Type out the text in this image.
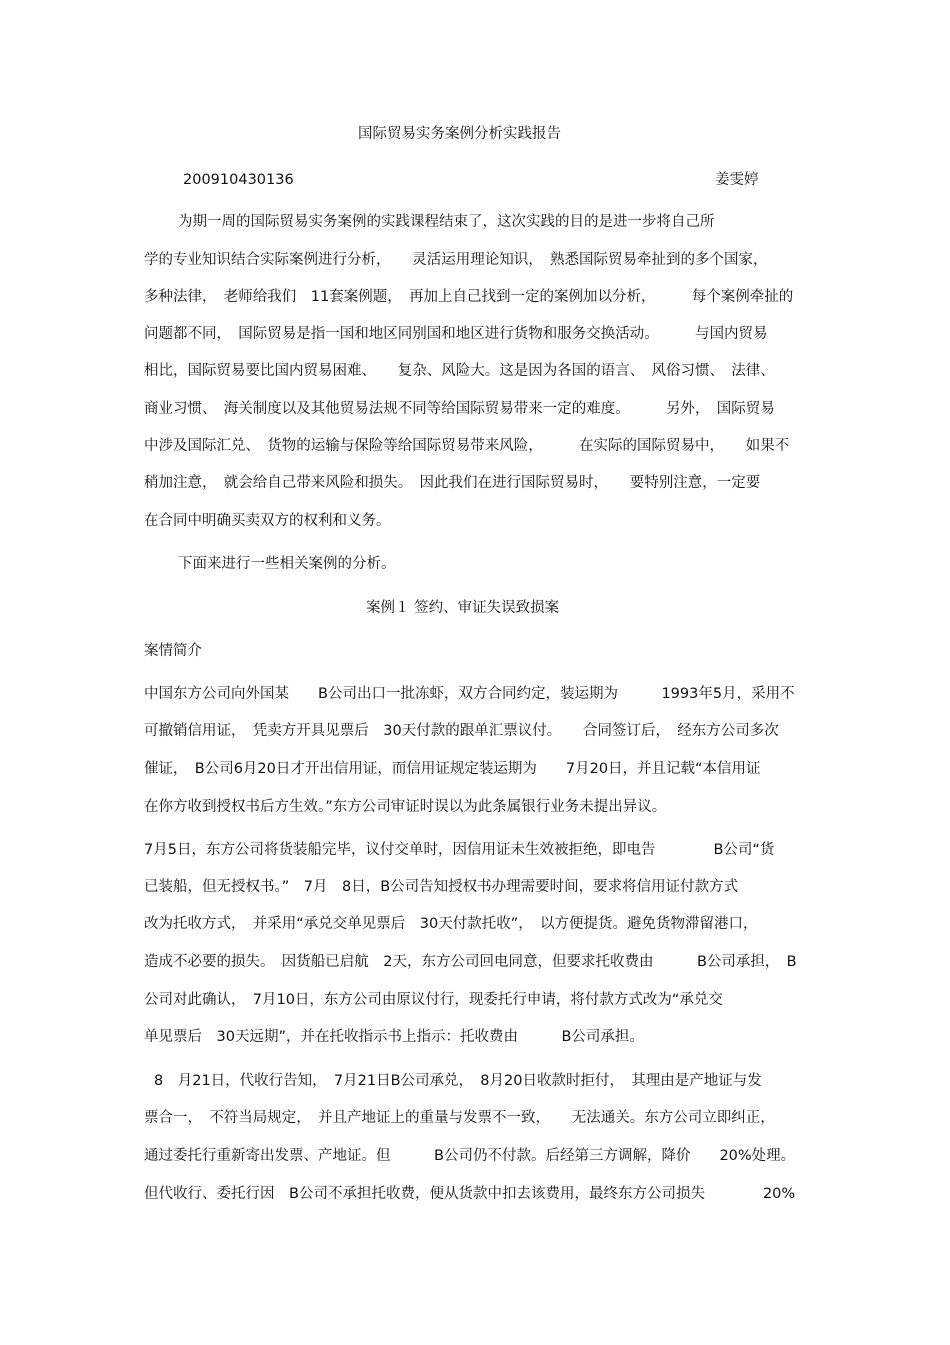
国际贸易实务案例分析实践报告
200910430136	姜雯婷
为期一周的国际贸易实务案例的实践课程结束了，这次实践的目的是进一步将自己所
学的专业知识结合实际案例进行分析，　　灵活运用理论知识，　熟悉国际贸易牵扯到的多个国家，
多种法律，　老师给我们　11套案例题，　再加上自己找到一定的案例加以分析，　　　每个案例牵扯的
问题都不同，　国际贸易是指一国和地区同别国和地区进行货物和服务交换活动。　　　与国内贸易
相比，国际贸易要比国内贸易困难、　　复杂、风险大。这是因为各国的语言、　风俗习惯、　法律、
商业习惯、　海关制度以及其他贸易法规不同等给国际贸易带来一定的难度。　　　另外，　国际贸易
中涉及国际汇兑、　货物的运输与保险等给国际贸易带来风险，　　　在实际的国际贸易中，　　如果不
稍加注意，　就会给自己带来风险和损失。　因此我们在进行国际贸易时，　　要特别注意，一定要
在合同中明确买卖双方的权利和义务。
下面来进行一些相关案例的分析。
案例１ 签约、审证失误致损案
案情简介
中国东方公司向外国某　　B公司出口一批冻虾，双方合同约定，装运期为　　　1993年5月，采用不
可撤销信用证，　凭卖方开具见票后　30天付款的跟单汇票议付。　　合同签订后，　经东方公司多次
催证，　B公司6月20日才开出信用证，而信用证规定装运期为　　7月20日，并且记载“本信用证
在你方收到授权书后方生效。”东方公司审证时误以为此条属银行业务未提出异议。
7月5日，东方公司将货装船完毕，议付交单时，因信用证未生效被拒绝，即电告　　　　B公司“货
已装船，但无授权书。”　7月　8日，B公司告知授权书办理需要时间，要求将信用证付款方式
改为托收方式，　并采用“承兑交单见票后　30天付款托收”，　以方便提货。避免货物滞留港口，
造成不必要的损失。　因货船已启航　2天，东方公司回电同意，但要求托收费由　　　B公司承担，　B
公司对此确认，　7月10日，东方公司由原议付行，现委托行申请，将付款方式改为“承兑交
单见票后　30天远期”，并在托收指示书上指示：托收费由　　　B公司承担。
8　月21日，代收行告知，　7月21日B公司承兑，　8月20日收款时拒付，　其理由是产地证与发
票合一，　不符当局规定，　并且产地证上的重量与发票不一致，　　无法通关。东方公司立即纠正，
通过委托行重新寄出发票、产地证。但　　　B公司仍不付款。后经第三方调解，降价　　20%处理。
但代收行、委托行因　B公司不承担托收费，便从货款中扣去该费用，最终东方公司损失　　　　20%
